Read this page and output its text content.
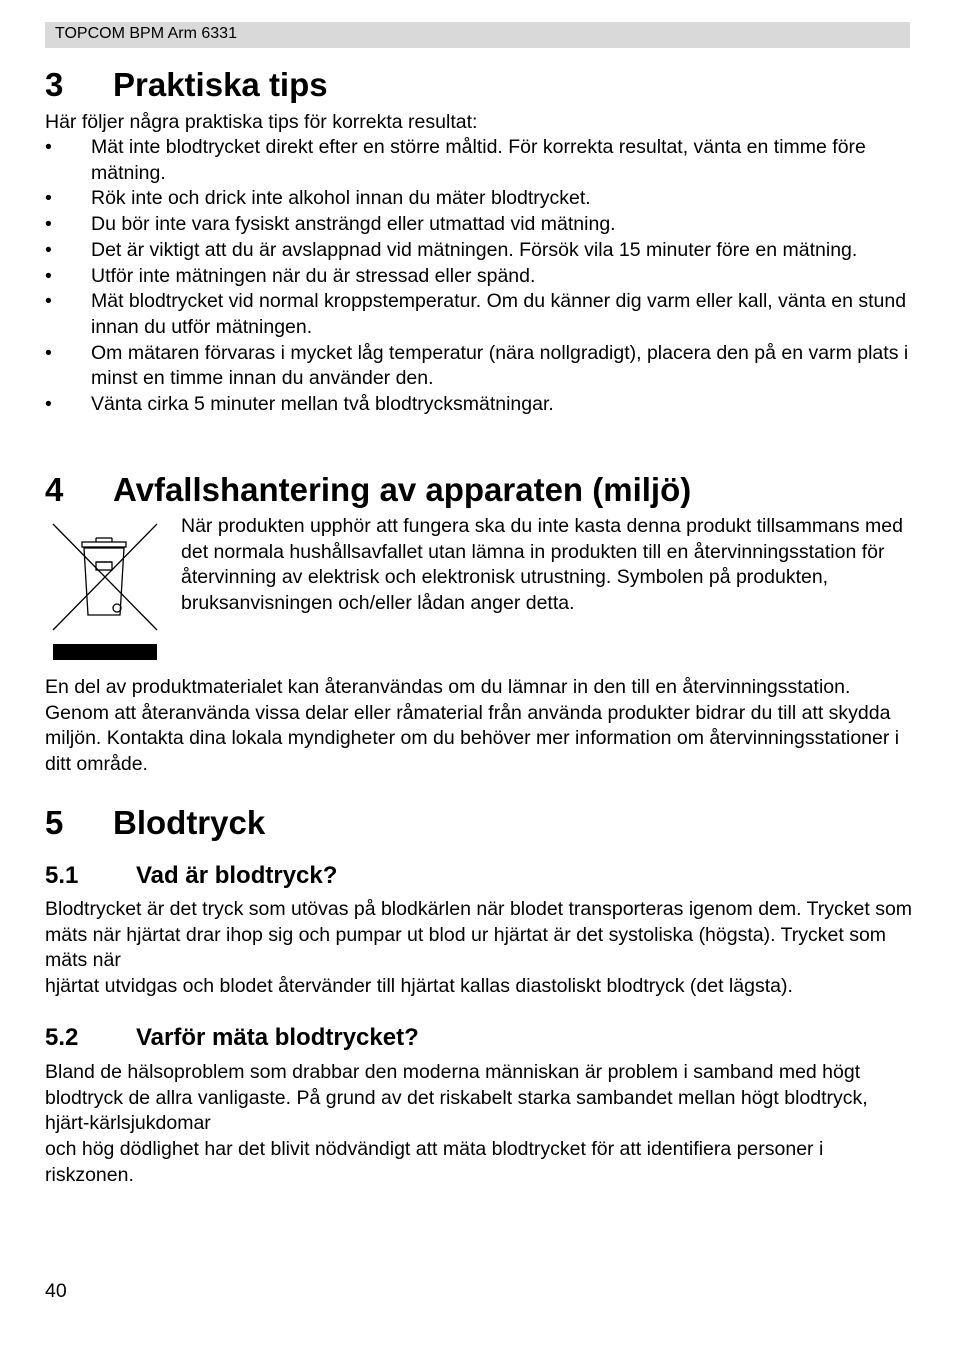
TOPCOM BPM Arm 6331
3 Praktiska tips

Här följer några praktiska tips för korrekta resultat:

• Mät inte blodtrycket direkt efter en större måltid. För korrekta resultat, vänta en timme före mätning.
• Rök inte och drick inte alkohol innan du mäter blodtrycket.
• Du bör inte vara fysiskt ansträngd eller utmattad vid mätning.
• Det är viktigt att du är avslappnad vid mätningen. Försök vila 15 minuter före en mätning.
• Utför inte mätningen när du är stressad eller spänd.
• Mät blodtrycket vid normal kroppstemperatur. Om du känner dig varm eller kall, vänta en stund innan du utför mätningen.
• Om mätaren förvaras i mycket låg temperatur (nära nollgradigt), placera den på en varm plats i minst en timme innan du använder den.
• Vänta cirka 5 minuter mellan två blodtrycksmätningar.
4 Avfallshantering av apparaten (miljö)

När produkten upphör att fungera ska du inte kasta denna produkt tillsammans med det normala hushållsavfallet utan lämna in produkten till en återvinningsstation för återvinning av elektrisk och elektronisk utrustning. Symbolen på produkten, bruksanvisningen och/eller lådan anger detta.

En del av produktmaterialet kan återanvändas om du lämnar in den till en återvinningsstation. Genom att återanvända vissa delar eller råmaterial från använda produkter bidrar du till att skydda miljön. Kontakta dina lokala myndigheter om du behöver mer information om återvinningsstationer i ditt område.

5 Blodtryck
5.1 Vad är blodtryck?

Blodtrycket är det tryck som utövas på blodkärlen när blodet transporteras igenom dem. Trycket som mäts när hjärtat drar ihop sig och pumpar ut blod ur hjärtat är det systoliska (högsta). Trycket som mäts när

hjärtat utvidgas och blodet återvänder till hjärtat kallas diastoliskt blodtryck (det lägsta).

5.2 Varför mäta blodtrycket?

Bland de hälsoproblem som drabbar den moderna människan är problem i samband med högt blodtryck de allra vanligaste. På grund av det riskabelt starka sambandet mellan högt blodtryck, hjärt-kärlsjukdomar

och hög dödlighet har det blivit nödvändigt att mäta blodtrycket för att identifiera personer i riskzonen.

40
